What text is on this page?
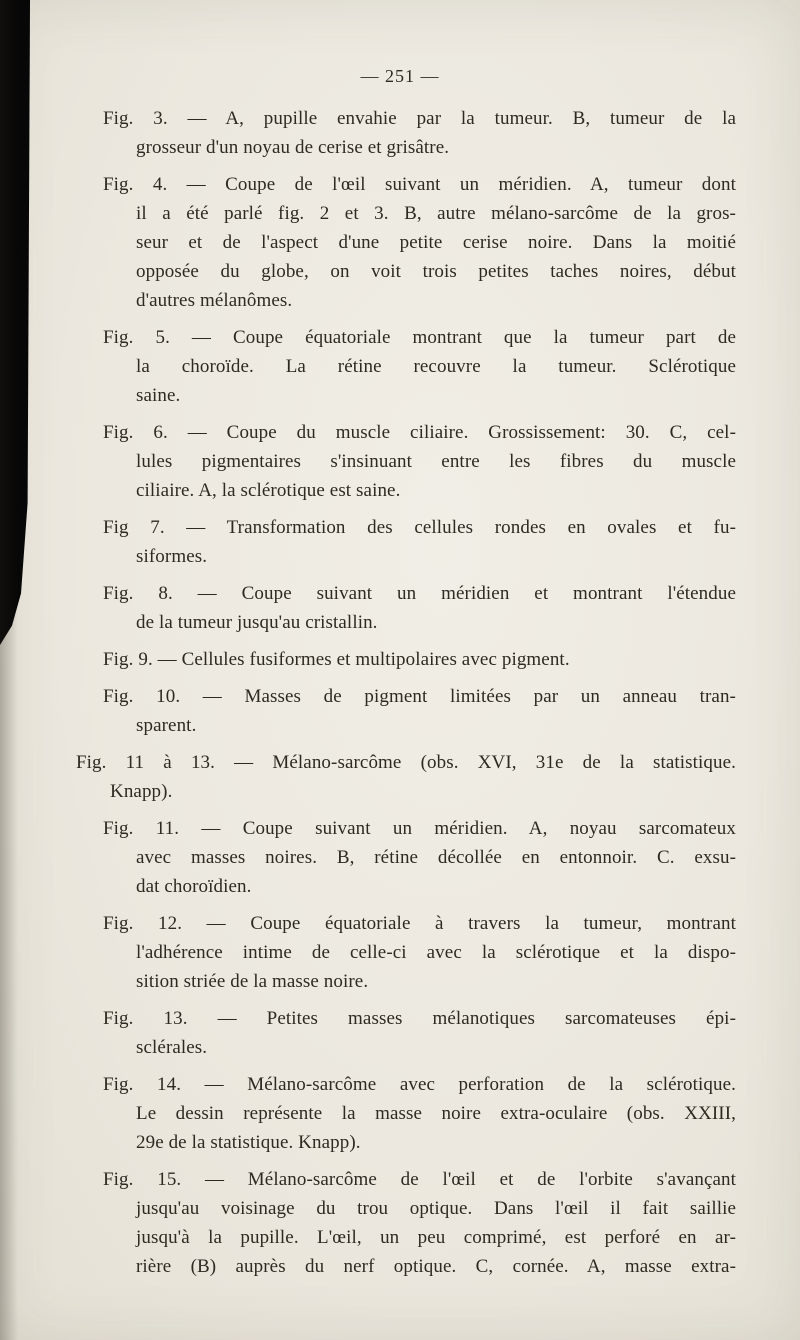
— 251 —

Fig. 3. — A, pupille envahie par la tumeur. B, tumeur de la
grosseur d'un noyau de cerise et grisâtre.

Fig. 4. — Coupe de l'œil suivant un méridien. A, tumeur dont
il a été parlé fig. 2 et 3. B, autre mélano-sarcôme de la gros-
seur et de l'aspect d'une petite cerise noire. Dans la moitié
opposée du globe, on voit trois petites taches noires, début
d'autres mélanômes.

Fig. 5. — Coupe équatoriale montrant que la tumeur part de
la choroïde. La rétine recouvre la tumeur. Sclérotique
saine.

Fig. 6. — Coupe du muscle ciliaire. Grossissement: 30. C, cel-
lules pigmentaires s'insinuant entre les fibres du muscle
ciliaire. A, la sclérotique est saine.

Fig 7. — Transformation des cellules rondes en ovales et fu-
siformes.

Fig. 8. — Coupe suivant un méridien et montrant l'étendue
de la tumeur jusqu'au cristallin.

Fig. 9. — Cellules fusiformes et multipolaires avec pigment.

Fig. 10. — Masses de pigment limitées par un anneau tran-
sparent.

Fig. 11 à 13. — Mélano-sarcôme (obs. XVI, 31e de la statistique.
Knapp).

Fig. 11. — Coupe suivant un méridien. A, noyau sarcomateux
avec masses noires. B, rétine décollée en entonnoir. C. exsu-
dat choroïdien.

Fig. 12. — Coupe équatoriale à travers la tumeur, montrant
l'adhérence intime de celle-ci avec la sclérotique et la dispo-
sition striée de la masse noire.

Fig. 13. — Petites masses mélanotiques sarcomateuses épi-
sclérales.

Fig. 14. — Mélano-sarcôme avec perforation de la sclérotique.
Le dessin représente la masse noire extra-oculaire (obs. XXIII,
29e de la statistique. Knapp).

Fig. 15. — Mélano-sarcôme de l'œil et de l'orbite s'avançant
jusqu'au voisinage du trou optique. Dans l'œil il fait saillie
jusqu'à la pupille. L'œil, un peu comprimé, est perforé en ar-
rière (B) auprès du nerf optique. C, cornée. A, masse extra-
